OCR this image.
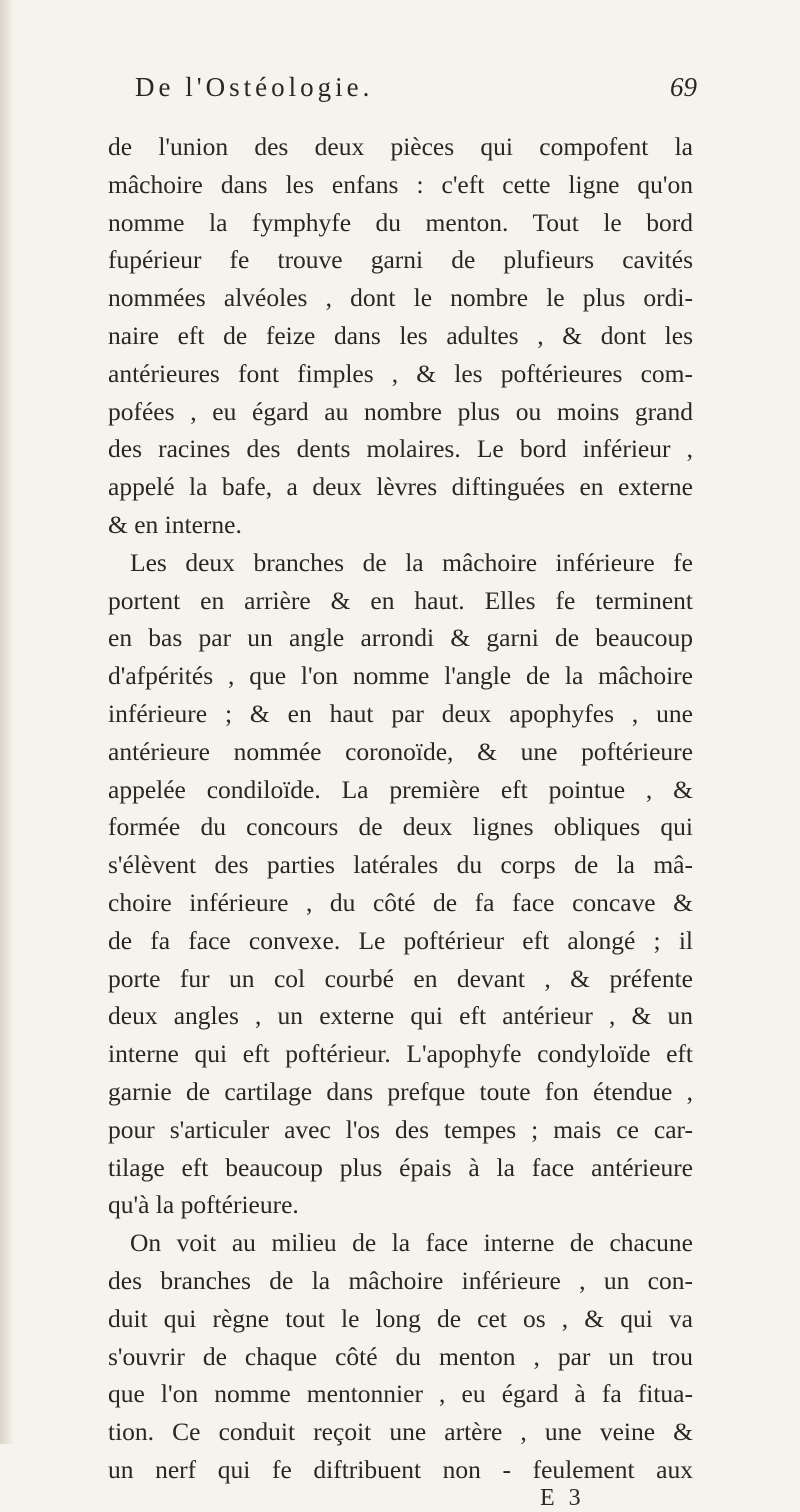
De l'Ostéologie.	69
de l'union des deux pièces qui compofent la
mâchoire dans les enfans : c'eft cette ligne qu'on
nomme la fymphyfe du menton. Tout le bord
fupérieur fe trouve garni de plufieurs cavités
nommées alvéoles , dont le nombre le plus ordi-
naire eft de feize dans les adultes , & dont les
antérieures font fimples , & les poftérieures com-
pofées , eu égard au nombre plus ou moins grand
des racines des dents molaires. Le bord inférieur ,
appelé la bafe, a deux lèvres diftinguées en externe
& en interne.
Les deux branches de la mâchoire inférieure fe
portent en arrière & en haut. Elles fe terminent
en bas par un angle arrondi & garni de beaucoup
d'afpérités , que l'on nomme l'angle de la mâchoire
inférieure ; & en haut par deux apophyfes , une
antérieure nommée coronoïde, & une poftérieure
appelée condiloïde. La première eft pointue , &
formée du concours de deux lignes obliques qui
s'élèvent des parties latérales du corps de la mâ-
choire inférieure , du côté de fa face concave &
de fa face convexe. Le poftérieur eft alongé ; il
porte fur un col courbé en devant , & préfente
deux angles , un externe qui eft antérieur , & un
interne qui eft poftérieur. L'apophyfe condyloïde eft
garnie de cartilage dans prefque toute fon étendue ,
pour s'articuler avec l'os des tempes ; mais ce car-
tilage eft beaucoup plus épais à la face antérieure
qu'à la poftérieure.
On voit au milieu de la face interne de chacune
des branches de la mâchoire inférieure , un con-
duit qui règne tout le long de cet os , & qui va
s'ouvrir de chaque côté du menton , par un trou
que l'on nomme mentonnier , eu égard à fa fitua-
tion. Ce conduit reçoit une artère , une veine &
un nerf qui fe diftribuent non - feulement aux
E 3
